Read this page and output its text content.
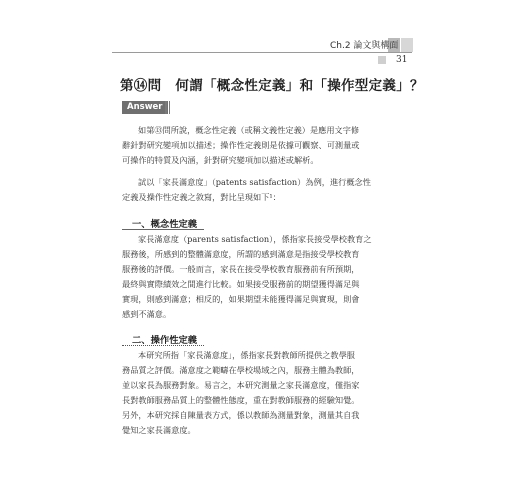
Ch.2 論文與構面
31
第⑭問 何謂「概念性定義」和「操作型定義」？
Answer
如第⑬問所說，概念性定義（或稱文義性定義）是應用文字修
辭針對研究變項加以描述；操作性定義則是依據可觀察、可測量或
可操作的特質及內涵，針對研究變項加以描述或解析。
試以「家長滿意度」（patents satisfaction）為例，進行概念性
定義及操作性定義之敘寫，對比呈現如下¹：
一、概念性定義
家長滿意度（parents satisfaction），係指家長接受學校教育之
服務後，所感到的整體滿意度，所謂的感到滿意是指接受學校教育
服務後的評價。一般而言，家長在接受學校教育服務前有所預期，
最終與實際績效之間進行比較。如果接受服務前的期望獲得滿足與
實現，則感到滿意；相反的，如果期望未能獲得滿足與實現，則會
感到不滿意。
二、操作性定義
本研究所指「家長滿意度」，係指家長對教師所提供之教學服
務品質之評價。滿意度之範疇在學校場域之內，服務主體為教師，
並以家長為服務對象。易言之，本研究測量之家長滿意度，僅指家
長對教師服務品質上的整體性態度，重在對教師服務的經驗知覺。
另外，本研究採自陳量表方式，係以教師為測量對象，測量其自我
覺知之家長滿意度。
